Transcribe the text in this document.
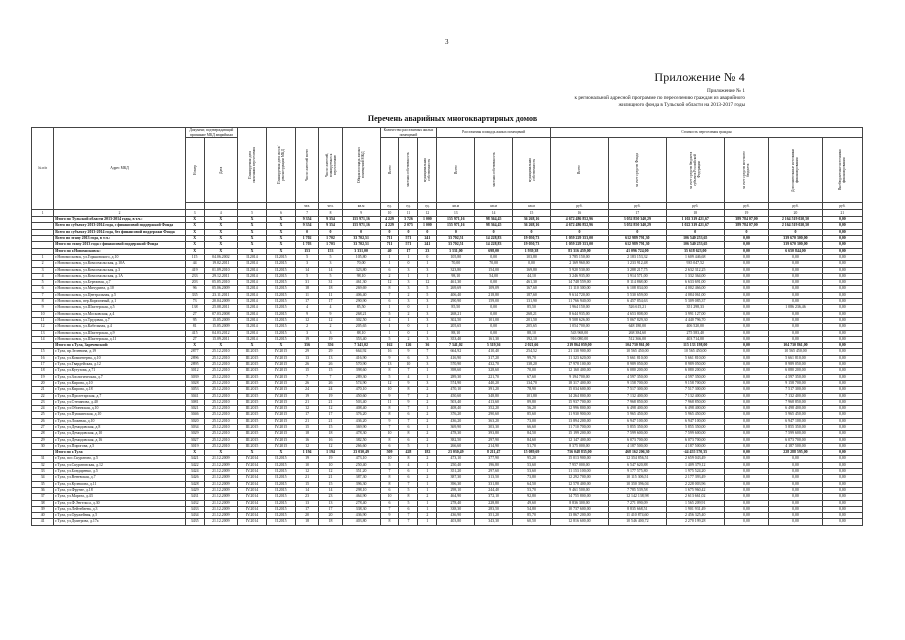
3
Приложение № 4
Приложение № 1
к региональной адресной программе по переселению граждан из аварийного
жилищного фонда в Тульской области на 2013-2017 годы
Перечень аварийных многоквартирных домов
№ п/п	Адрес МКД	Документ, подтверждающий признание МКД аварийным		Планируемая дата окончания переселения	Планируемая дата сноса/реконструкции МКД	Число жителей всего	Число жителей, планируемых к переселению	Общая площадь жилых помещений МКД	Количество расселяемых жилых помещений			Расселяемая площадь жилых помещений			Стоимость переселения граждан					

		Номер	Дата						Всего	частная собственность	муниципальная собственность	Всего	частная собственность	муниципальная собственность	Всего	за счет средств Фонда	за счет средств бюджета субъекта Российской Федерации	за счет средств местного бюджета	Дополнительные источники финансирования	Внебюджетные источники финансирования

						чел.	чел.	кв.м	ед.	ед.	ед.	кв.м	кв.м	кв.м	руб.	руб.	руб.	руб.	руб.	руб.
1	2	3	4	5	6	7	8	9	10	11	12	13	14	15	16	17	18	19	20	21
	Итого по Тульской области 2013-2014 годы, в т.ч.:	X	X	X	X	9 354	9 354	155 971,16	4 229	3 726	1 000	155 971,16	98 364,45	36 268,16	4 672 486 852,96	3 052 850 340,29	1 102 319 421,67	389 784 07,00	2 164 519 020,50	0,00
	Всего по субъекту 2013-2014 года, с финансовой поддержкой Фонда	X	X	X	X	9 354	9 354	155 971,16	4 229	2 075	1 000	155 971,16	98 364,45	36 268,16	4 672 486 852,96	3 052 850 340,29	1 022 319 421,67	389 784 07,00	2 164 519 020,50	0,00
	Всего по субъекту 2013-2014 года, без финансовой поддержки Фонда	X	X	X	X	0	0	0	0	0	0	0	0	0	0	0	0	0	0	0,00
	Всего по этапу 2013 года, в т.ч.:	X	X	X	X	1 702	1 702	33 702,51	711	571	241	33 702,51	14 228,83	19 050,73	1 059 229 353,00	612 989 791,30	106 540 253,65	0,00	339 670 300,00	0,00
	Итого по этапу 2013 года с финансовой поддержкой Фонда	X	X	X	X	1 703	1 703	33 702,51	711	571	241	33 702,51	14 228,83	19 050,73	1 059 229 353,00	612 989 791,30	106 540 253,65	0,00	339 670 300,00	0,00
	Итого по г.Новомосковск:	X	X	X	X	153	153	3 331,00	40	17	23	3 331,00	698,00	1 939,38	83 316 459,00	41 096 724,00	35 618 623,00	0,00	6 650 844,00	0,00
1	г.Новомосковск, ул.Горьковского, д.10	115	04.06.2002	II.2014	II.2015	5	5	105,80	1	1	0	105,80	0,00	103,80	3 785 150,00	2 183 153,32	1 609 446,68	0,00	0,00	0,00
2	г.Новомосковск, ул.Комсомольская, д.10А	44	19.02.2011	II.2014	II.2015	3	3	70,00	1	0	1	70,00	70,00	0,00	2 169 960,00	1 233 912,48	935 047,52	0,00	0,00	0,00
3	г.Новомосковск, ул.Комсомольская, д.3	419	01.09.2010	II.2014	II.2015	14	14	323,80	6	3	3	323,80	154,00	169,80	5 920 530,00	3 288 217,75	2 632 312,25	0,00	0,00	0,00
4	г.Новомосковск, ул.Комсомольская, д.1А	233	29.12.2011	II.2014	II.2015	5	5	98,10	2	1	1	98,10	54,00	44,10	3 246 935,00	1 914 571,00	1 332 364,00	0,00	0,00	0,00
5	г.Новомосковск, ул.Бережная, д.7	203	05.05.2010	II.2014	II.2015	31	31	461,30	12	3	12	461,30	0,00	461,30	14 748 559,00	8 114 868,00	6 633 691,00	0,00	0,00	0,00
6	г.Новомосковск, ул.Мичурина, д.10	96	05.06.2009	II.2014	II.2015	18	18	269,69	8	3	5	269,69	109,09	167,60	11 110 300,00	6 108 834,00	4 002 466,00	0,00	0,00	0,00
7	г.Новомосковск, ул.Центральная, д.5	335	23.11.2011	II.2014	II.2015	11	11	406,40	7	2	5	406,40	218,80	187,60	9 614 720,00	5 530 659,00	4 084 061,00	0,00	0,00	0,00
8	г.Новомосковск, пер.Кирпичный, д.1	73	20.04.2009	II.2014	II.2015	17	17	290,90	6	3	3	290,90	159,00	131,90	11 766 940,00	6 457 854,63	5 309 085,37	0,00	0,00	0,00
9	г.Новомосковск, ул.Шахтерская, д.5	138	25.08.2011	II.2014	II.2015	4	4	85,50	1	0	1	85,50	0,00	85,50	1 964 150,00	526 615,21	351 298,33	0,00	1 086 236,46	0,00
10	г.Новомосковск, ул.Московская, д.4	27	07.03.2008	II.2014	II.2015	9	9	268,21	5	2	3	268,21	0,00	268,21	8 644 935,00	4 653 808,00	3 991 127,00	0,00	0,00	0,00
11	г.Новомосковск, ул.Трудовая, д.7	95	15.05.2009	II.2014	II.2015	12	12	302,50	4	1	3	302,50	101,00	201,50	9 508 626,00	5 067 829,30	4 440 796,70	0,00	0,00	0,00
12	г.Новомосковск, ул.Кабельная, д.4	81	15.05.2009	II.2014	II.2015	2	2	205,65	1	0	1	205,65	0,00	205,65	1 054 700,00	648 180,00	406 520,00	0,00	0,00	0,00
13	г.Новомосковск, ул.Шахтерская, д.9	415	04.03.2012	II.2014	II.2015	3	3	88,10	1	0	1	88,10	0,00	88,10	543 968,00	268 384,60	275 583,40	0,00	0,00	0,00
14	г.Новомосковск, ул.Шахтерская, д.11	27	15.09.2011	II.2014	II.2015	19	19	353,40	5	2	3	353,40	161,30	192,10	916 080,00	512 366,00	403 714,00	0,00	0,00	0,00
	Итого по г.Тула, Зареченский:	X	X	X	X	356	356	7 341,02	162	126	36	7 341,02	5 319,36	2 021,66	219 864 059,00	104 730 861,00	115 133 198,00	0,00	104 730 861,00	0,00
15	г.Тула, пр.Зеленина, д.19	2877	25.12.2010	III.2015	IV.2015	29	29	664,92	16	9	7	664,92	410,40	254,52	21 130 900,00	10 565 450,00	10 565 450,00	0,00	10 565 450,00	0,00
16	г.Тула, ул.Коминтерна, д.10	2896	25.12.2010	III.2015	IV.2015	13	13	416,90	9	6	3	416,90	317,20	99,70	11 323 620,00	5 661 810,00	5 661 810,00	0,00	5 661 810,00	0,00
17	г.Тула, ул.Гвардейская, д.12	2895	25.12.2010	III.2015	IV.2015	26	26	570,90	13	10	3	570,90	432,70	138,20	17 978 100,00	8 989 050,00	8 989 050,00	0,00	8 989 050,00	0,00
18	г.Тула, ул.Кутузова, д.71	3012	25.12.2010	III.2015	IV.2015	15	15	398,60	8	7	1	398,60	328,60	70,00	12 160 400,00	6 080 200,00	6 080 200,00	0,00	6 080 200,00	0,00
19	г.Тула, ул.Зоологическая, д.7	3039	25.12.2010	III.2015	IV.2015	7	7	289,30	5	4	1	289,30	221,70	67,60	9 194 700,00	4 597 350,00	4 597 350,00	0,00	4 597 350,00	0,00
20	г.Тула, ул.Кирова, д.10	3028	25.12.2010	III.2015	IV.2015	26	26	574,90	12	9	3	574,90	440,20	134,70	18 317 400,00	9 158 700,00	9 158 700,00	0,00	9 158 700,00	0,00
21	г.Тула, ул.Кирова, д.18	3053	25.12.2010	III.2015	IV.2015	24	24	470,10	10	8	2	470,10	391,20	78,90	15 034 600,00	7 517 300,00	7 517 300,00	0,00	7 517 300,00	0,00
22	г.Тула, ул.Пролетарская, д.7	3041	25.12.2010	III.2015	IV.2015	19	19	450,60	9	7	2	450,60	348,80	101,80	14 264 800,00	7 132 400,00	7 132 400,00	0,00	7 132 400,00	0,00
23	г.Тула, ул.Степанова, д.40	3081	25.12.2010	III.2015	IV.2015	21	21	503,40	11	9	2	503,40	413,60	89,80	15 937 700,00	7 968 850,00	7 968 850,00	0,00	7 968 850,00	0,00
24	г.Тула, ул.Обоннская, д.10	3021	25.12.2010	III.2015	IV.2015	12	12	408,40	8	7	1	408,40	352,20	56,20	12 996 800,00	6 498 400,00	6 498 400,00	0,00	6 498 400,00	0,00
25	г.Тула, ул.Пушкинская, д.10	3046	25.12.2010	III.2015	IV.2015	17	17	376,20	8	6	2	376,20	290,60	85,60	11 930 900,00	5 965 450,00	5 965 450,00	0,00	5 965 450,00	0,00
26	г.Тула, ул.Ложевая, д.10	3020	25.12.2010	III.2015	IV.2015	21	21	436,20	9	7	2	436,20	363,20	73,00	13 894 200,00	6 947 100,00	6 947 100,00	0,00	6 947 100,00	0,00
27	г.Тула, ул.Демидовская, д.8	3034	25.12.2010	III.2015	IV.2015	15	15	369,90	7	6	1	369,90	303,30	66,60	11 710 700,00	5 855 350,00	5 855 350,00	0,00	5 855 350,00	0,00
28	г.Тула, ул.Демидовская, д.10	3029	25.12.2010	III.2015	IV.2015	18	18	478,30	10	8	2	478,30	393,80	84,50	15 199 200,00	7 599 600,00	7 599 600,00	0,00	7 599 600,00	0,00
29	г.Тула, ул.Демидовская, д.16	3027	25.12.2010	III.2015	IV.2015	16	16	382,50	8	6	2	382,50	297,90	84,60	12 147 400,00	6 073 700,00	6 073 700,00	0,00	6 073 700,00	0,00
30	г.Тула, ул.Пирогова, д.5	3019	25.12.2010	III.2015	IV.2015	12	12	266,60	6	5	1	266,60	214,90	51,70	8 375 000,00	4 187 500,00	4 187 500,00	0,00	4 187 500,00	0,00
	Итого по г.Тула	X	X	X	X	1 194	1 194	23 030,49	509	428	182	23 030,49	8 211,47	15 089,69	756 048 835,00	468 162 206,30	-44 455 570,35	0,00	228 288 595,00	0,00
31	г.Тула, пос.Скуратово, д.5	3421	21.12.2009	IV.2014	II.2015	19	19	473,10	10	8	2	473,10	377,90	95,20	15 013 900,00	12 354 856,51	2 659 043,49	0,00	0,00	0,00
32	г.Тула, ул.Скуратовская, д.12	3422	21.12.2009	IV.2014	II.2015	10	10	250,40	5	4	1	250,40	196,80	53,60	7 957 000,00	6 547 620,88	1 409 379,12	0,00	0,00	0,00
33	г.Тула, ул.Бондаренко, д.5	3424	21.12.2009	IV.2014	II.2015	12	12	351,20	7	6	1	351,20	297,60	53,60	11 153 100,00	9 177 575,80	1 975 524,20	0,00	0,00	0,00
34	г.Тула, ул.Веневская, д.7	3426	21.12.2009	IV.2014	II.2015	21	21	387,30	8	6	2	387,30	313,50	73,80	12 292 700,00	10 115 306,51	2 177 393,49	0,00	0,00	0,00
35	г.Тула, ул.Кулешова, д.11	3428	21.12.2009	IV.2014	II.2015	15	15	396,30	8	7	1	396,30	331,80	64,50	12 578 400,00	10 350 396,04	2 228 003,96	0,00	0,00	0,00
36	г.Тула, ул.Фрунзе, д.18	3429	21.12.2009	IV.2014	II.2015	14	14	298,10	6	5	1	298,10	244,40	53,70	9 461 500,00	7 785 539,58	1 675 960,42	0,00	0,00	0,00
37	г.Тула, ул.Марата, д.43	3431	21.12.2009	IV.2014	II.2015	23	23	464,90	10	8	2	464,90	372,10	92,80	14 755 800,00	12 142 138,98	2 613 661,02	0,00	0,00	0,00
38	г.Тула, ул.Ф.Энгельса, д.30	3432	21.12.2009	IV.2014	II.2015	13	13	278,40	6	5	1	278,40	228,80	49,60	8 836 300,00	7 271 090,09	1 565 209,91	0,00	0,00	0,00
39	г.Тула, ул.Лейтейзена, д.3	3433	21.12.2009	IV.2014	II.2015	17	17	338,30	7	6	1	338,30	283,50	54,80	10 737 600,00	8 835 668,51	1 901 931,49	0,00	0,00	0,00
40	г.Тула, ул.Оружейная, д.5	3434	21.12.2009	IV.2014	II.2015	20	20	436,90	9	7	2	436,90	351,20	85,70	13 867 200,00	11 410 874,60	2 456 325,40	0,00	0,00	0,00
41	г.Тула, ул.Дмитрова, д.17а	3435	21.12.2009	IV.2014	II.2015	18	18	403,80	8	7	1	403,80	343,30	60,50	12 816 600,00	10 546 400,72	2 270 199,28	0,00	0,00	0,00
